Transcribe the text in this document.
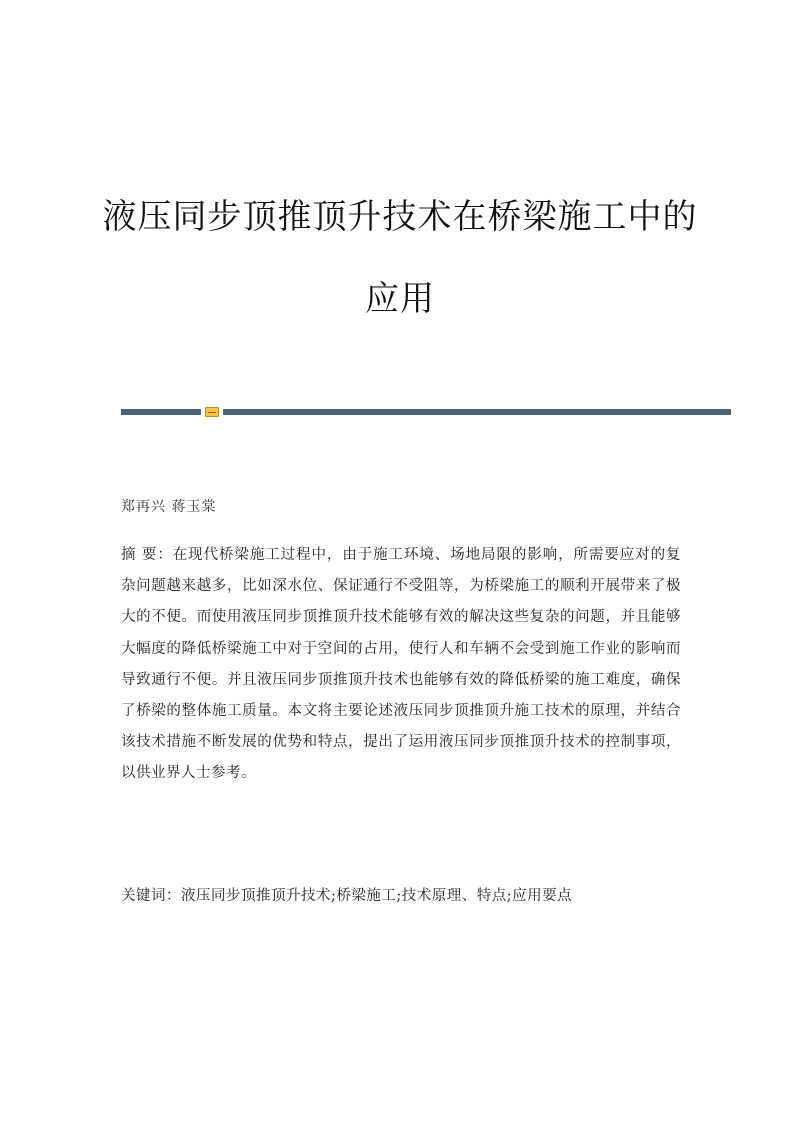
液压同步顶推顶升技术在桥梁施工中的
应用
郑再兴 蒋玉棠
摘 要：在现代桥梁施工过程中，由于施工环境、场地局限的影响，所需要应对的复杂问题越来越多，比如深水位、保证通行不受阻等，为桥梁施工的顺利开展带来了极大的不便。而使用液压同步顶推顶升技术能够有效的解决这些复杂的问题，并且能够大幅度的降低桥梁施工中对于空间的占用，使行人和车辆不会受到施工作业的影响而导致通行不便。并且液压同步顶推顶升技术也能够有效的降低桥梁的施工难度，确保了桥梁的整体施工质量。本文将主要论述液压同步顶推顶升施工技术的原理，并结合该技术措施不断发展的优势和特点，提出了运用液压同步顶推顶升技术的控制事项，以供业界人士参考。
关键词：液压同步顶推顶升技术;桥梁施工;技术原理、特点;应用要点
